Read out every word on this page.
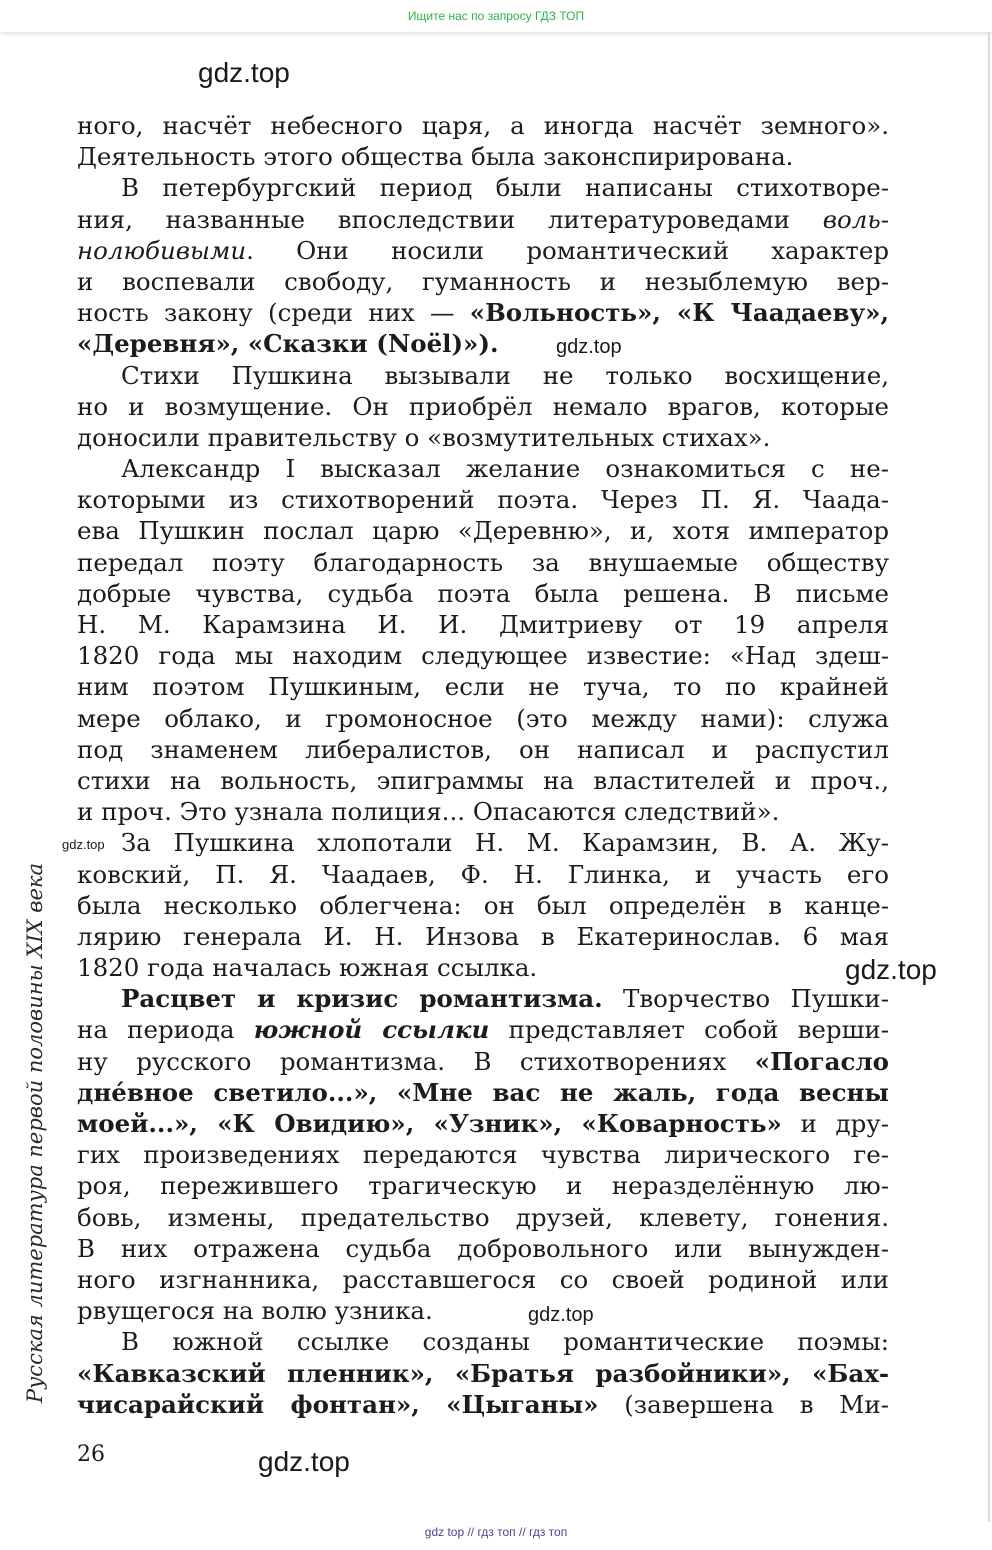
Ищите нас по запросу ГДЗ ТОП
gdz.top
gdz.top
gdz.top
gdz.top
gdz.top
gdz.top
Русская литература первой половины XIX века
ного, насчёт небесного царя, а иногда насчёт земного».
Деятельность этого общества была законспирирована.
В петербургский период были написаны стихотворе-
ния, названные впоследствии литературоведами воль-
нолюбивыми. Они носили романтический характер
и воспевали свободу, гуманность и незыблемую вер-
ность закону (среди них — «Вольность», «К Чаадаеву»,
«Деревня», «Сказки (Noël)»).
Стихи Пушкина вызывали не только восхищение,
но и возмущение. Он приобрёл немало врагов, которые
доносили правительству о «возмутительных стихах».
Александр I высказал желание ознакомиться с не-
которыми из стихотворений поэта. Через П. Я. Чаада-
ева Пушкин послал царю «Деревню», и, хотя император
передал поэту благодарность за внушаемые обществу
добрые чувства, судьба поэта была решена. В письме
Н. М. Карамзина И. И. Дмитриеву от 19 апреля
1820 года мы находим следующее известие: «Над здеш-
ним поэтом Пушкиным, если не туча, то по крайней
мере облако, и громоносное (это между нами): служа
под знаменем либералистов, он написал и распустил
стихи на вольность, эпиграммы на властителей и проч.,
и проч. Это узнала полиция... Опасаются следствий».
За Пушкина хлопотали Н. М. Карамзин, В. А. Жу-
ковский, П. Я. Чаадаев, Ф. Н. Глинка, и участь его
была несколько облегчена: он был определён в канце-
лярию генерала И. Н. Инзова в Екатеринослав. 6 мая
1820 года началась южная ссылка.
Расцвет и кризис романтизма. Творчество Пушки-
на периода южной ссылки представляет собой верши-
ну русского романтизма. В стихотворениях «Погасло
днéвное светило...», «Мне вас не жаль, года весны
моей...», «К Овидию», «Узник», «Коварность» и дру-
гих произведениях передаются чувства лирического ге-
роя, пережившего трагическую и неразделённую лю-
бовь, измены, предательство друзей, клевету, гонения.
В них отражена судьба добровольного или вынужден-
ного изгнанника, расставшегося со своей родиной или
рвущегося на волю узника.
В южной ссылке созданы романтические поэмы:
«Кавказский пленник», «Братья разбойники», «Бах-
чисарайский фонтан», «Цыганы» (завершена в Ми-
26
gdz top // гдз топ // гдз топ
